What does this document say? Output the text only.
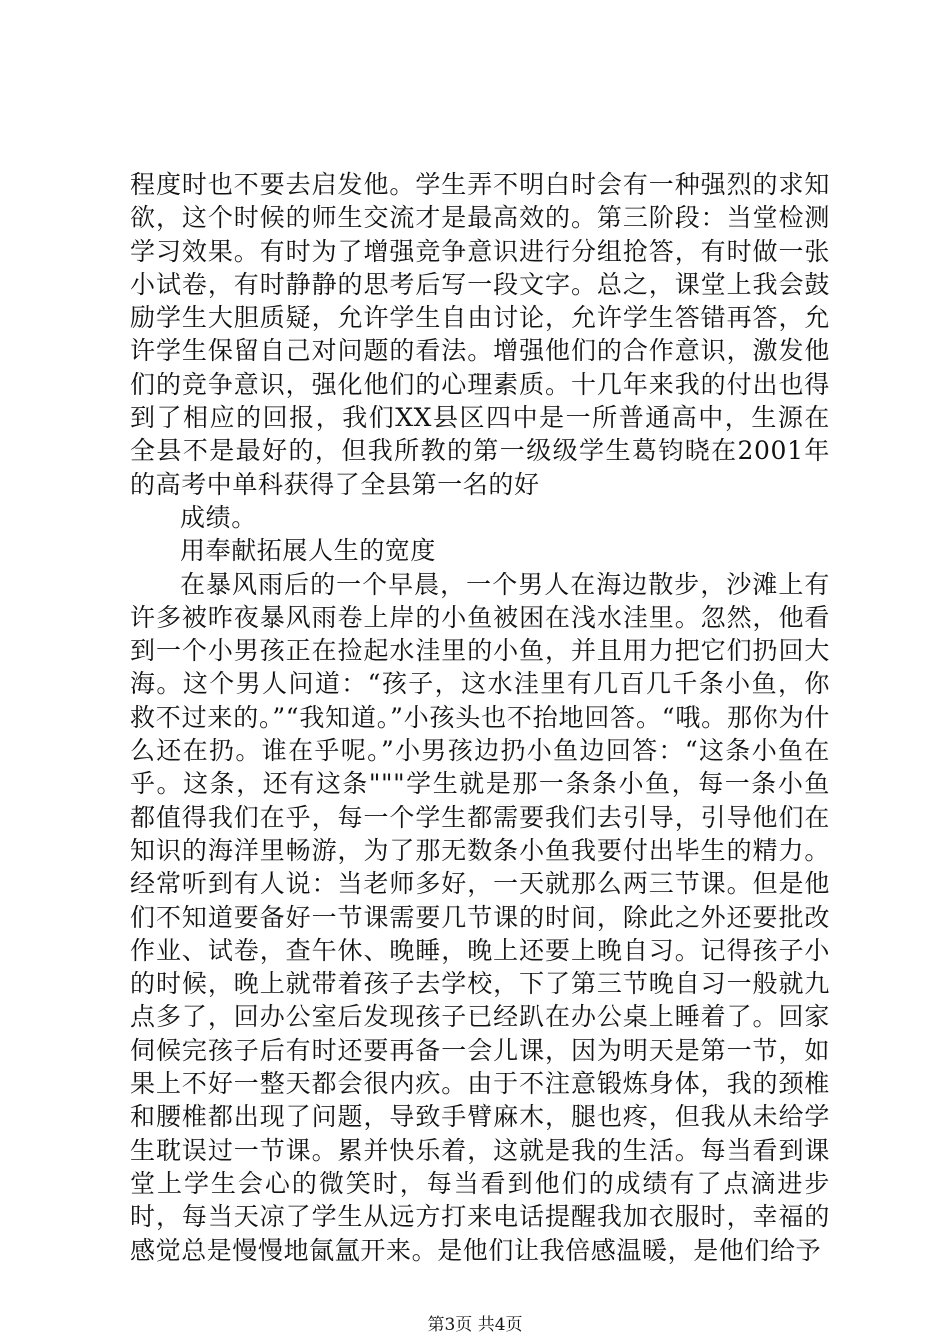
程度时也不要去启发他。学生弄不明白时会有一种强烈的求知欲，这个时候的师生交流才是最高效的。第三阶段：当堂检测学习效果。有时为了增强竞争意识进行分组抢答，有时做一张小试卷，有时静静的思考后写一段文字。总之，课堂上我会鼓励学生大胆质疑，允许学生自由讨论，允许学生答错再答，允许学生保留自己对问题的看法。增强他们的合作意识，激发他们的竞争意识，强化他们的心理素质。十几年来我的付出也得到了相应的回报，我们XX县区四中是一所普通高中，生源在全县不是最好的，但我所教的第一级级学生葛钧晓在2001年的高考中单科获得了全县第一名的好

成绩。

用奉献拓展人生的宽度

在暴风雨后的一个早晨，一个男人在海边散步，沙滩上有许多被昨夜暴风雨卷上岸的小鱼被困在浅水洼里。忽然，他看到一个小男孩正在捡起水洼里的小鱼，并且用力把它们扔回大海。这个男人问道：“孩子，这水洼里有几百几千条小鱼，你救不过来的。”“我知道。”小孩头也不抬地回答。“哦。那你为什么还在扔。谁在乎呢。”小男孩边扔小鱼边回答：“这条小鱼在乎。这条，还有这条"""学生就是那一条条小鱼，每一条小鱼都值得我们在乎，每一个学生都需要我们去引导，引导他们在知识的海洋里畅游，为了那无数条小鱼我要付出毕生的精力。经常听到有人说：当老师多好，一天就那么两三节课。但是他们不知道要备好一节课需要几节课的时间，除此之外还要批改作业、试卷，查午休、晚睡，晚上还要上晚自习。记得孩子小的时候，晚上就带着孩子去学校，下了第三节晚自习一般就九点多了，回办公室后发现孩子已经趴在办公桌上睡着了。回家伺候完孩子后有时还要再备一会儿课，因为明天是第一节，如果上不好一整天都会很内疚。由于不注意锻炼身体，我的颈椎和腰椎都出现了问题，导致手臂麻木，腿也疼，但我从未给学生耽误过一节课。累并快乐着，这就是我的生活。每当看到课堂上学生会心的微笑时，每当看到他们的成绩有了点滴进步时，每当天凉了学生从远方打来电话提醒我加衣服时，幸福的感觉总是慢慢地氤氲开来。是他们让我倍感温暖，是他们给予

第3页 共4页
